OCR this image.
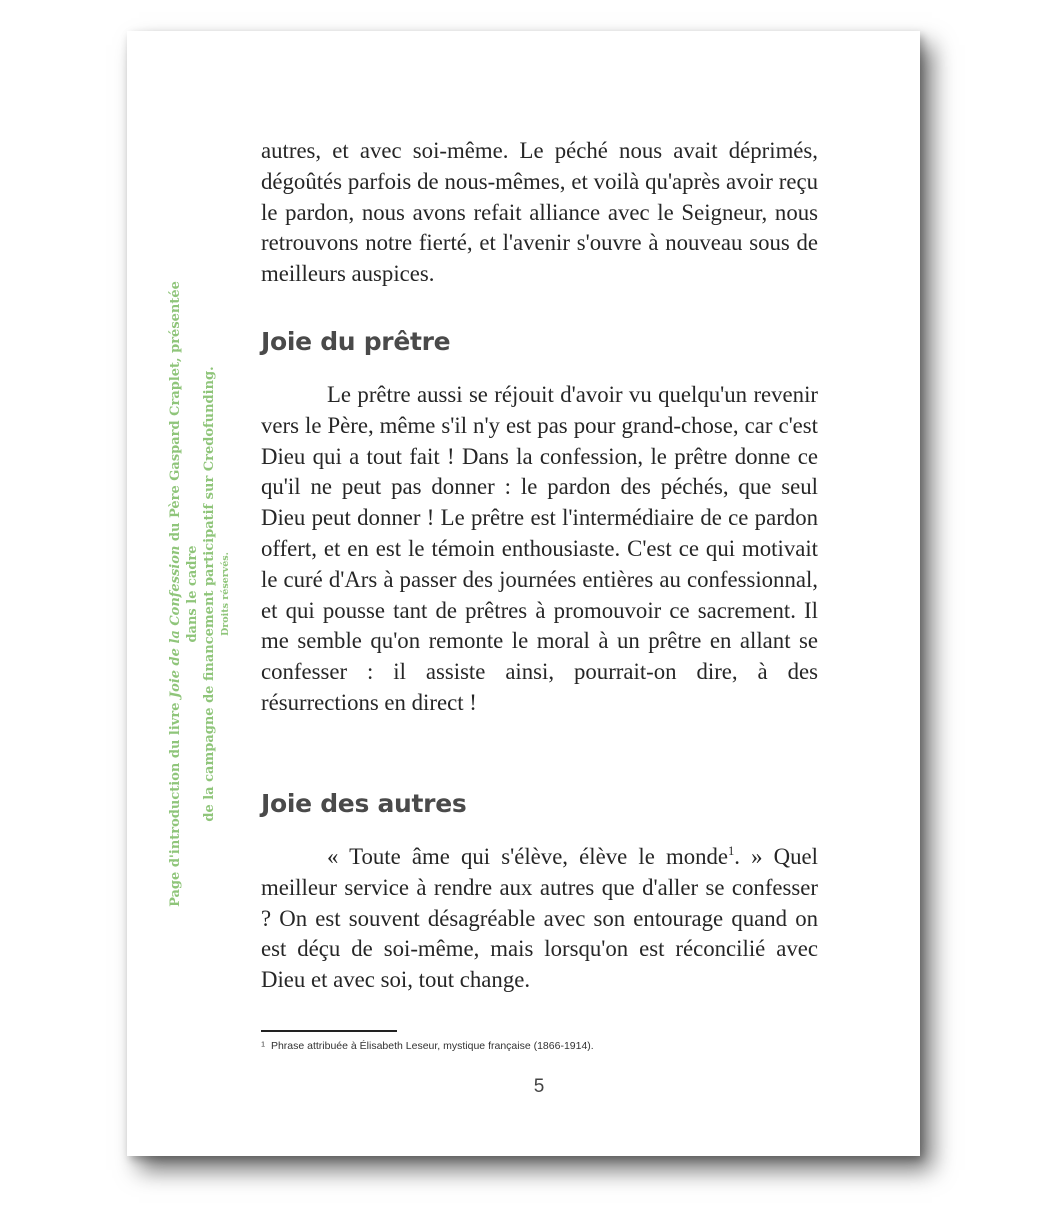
Page d'introduction du livre Joie de la Confession du Père Gaspard Craplet, présentée dans le cadre de la campagne de financement participatif sur Credofunding. Droits réservés.
autres, et avec soi-même. Le péché nous avait déprimés, dégoûtés parfois de nous-mêmes, et voilà qu'après avoir reçu le pardon, nous avons refait alliance avec le Seigneur, nous retrouvons notre fierté, et l'avenir s'ouvre à nouveau sous de meilleurs auspices.
Joie du prêtre
Le prêtre aussi se réjouit d'avoir vu quelqu'un revenir vers le Père, même s'il n'y est pas pour grand-chose, car c'est Dieu qui a tout fait ! Dans la confession, le prêtre donne ce qu'il ne peut pas donner : le pardon des péchés, que seul Dieu peut donner ! Le prêtre est l'intermédiaire de ce pardon offert, et en est le témoin enthousiaste. C'est ce qui motivait le curé d'Ars à passer des journées entières au confessionnal, et qui pousse tant de prêtres à promouvoir ce sacrement. Il me semble qu'on remonte le moral à un prêtre en allant se confesser : il assiste ainsi, pourrait-on dire, à des résurrections en direct !
Joie des autres
« Toute âme qui s'élève, élève le monde$^1$. » Quel meilleur service à rendre aux autres que d'aller se confesser ? On est souvent désagréable avec son entourage quand on est déçu de soi-même, mais lorsqu'on est réconcilié avec Dieu et avec soi, tout change.
$^1$ Phrase attribuée à Élisabeth Leseur, mystique française (1866-1914).
5
